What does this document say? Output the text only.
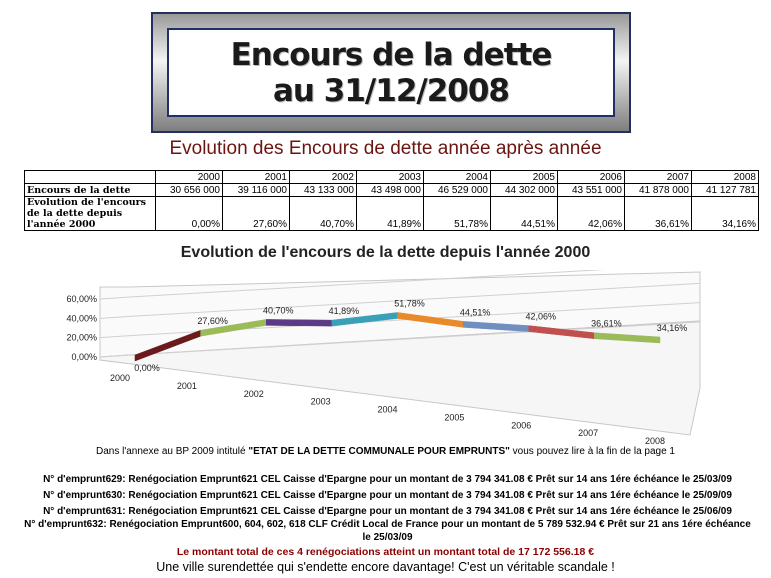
Encours de la dette
au 31/12/2008
Evolution des Encours de dette année après année
	2000	2001	2002	2003	2004	2005	2006	2007	2008
Encours de la dette	30 656 000	39 116 000	43 133 000	43 498 000	46 529 000	44 302 000	43 551 000	41 878 000	41 127 781
Evolution de l'encours de la dette depuis l'année 2000	0,00%	27,60%	40,70%	41,89%	51,78%	44,51%	42,06%	36,61%	34,16%
Evolution de l'encours de la dette depuis l'année 2000
0,00%
20,00%
40,00%
60,00%
0,00%
27,60%
40,70%	41,89%
51,78%
44,51%	42,06%
36,61%	34,16%
2000
2001
2002
2003
2004
2005
2006
2007
2008
Dans l'annexe au BP 2009 intitulé "ETAT DE LA DETTE COMMUNALE POUR EMPRUNTS" vous pouvez lire à la fin de la page 1
N° d'emprunt629: Renégociation Emprunt621 CEL Caisse d'Epargne pour un montant de 3 794 341.08 € Prêt sur 14 ans 1ére échéance le 25/03/09
N° d'emprunt630: Renégociation Emprunt621 CEL Caisse d'Epargne pour un montant de 3 794 341.08 € Prêt sur 14 ans 1ére échéance le 25/09/09
N° d'emprunt631: Renégociation Emprunt621 CEL Caisse d'Epargne pour un montant de 3 794 341.08 € Prêt sur 14 ans 1ére échéance le 25/06/09
N° d'emprunt632: Renégociation Emprunt600, 604, 602, 618 CLF Crédit Local de France pour un montant de 5 789 532.94 € Prêt sur 21 ans 1ére échéance le 25/03/09
Le montant total de ces 4 renégociations atteint un montant total de 17 172 556.18 €
Une ville surendettée qui s'endette encore davantage! C'est un véritable scandale !
